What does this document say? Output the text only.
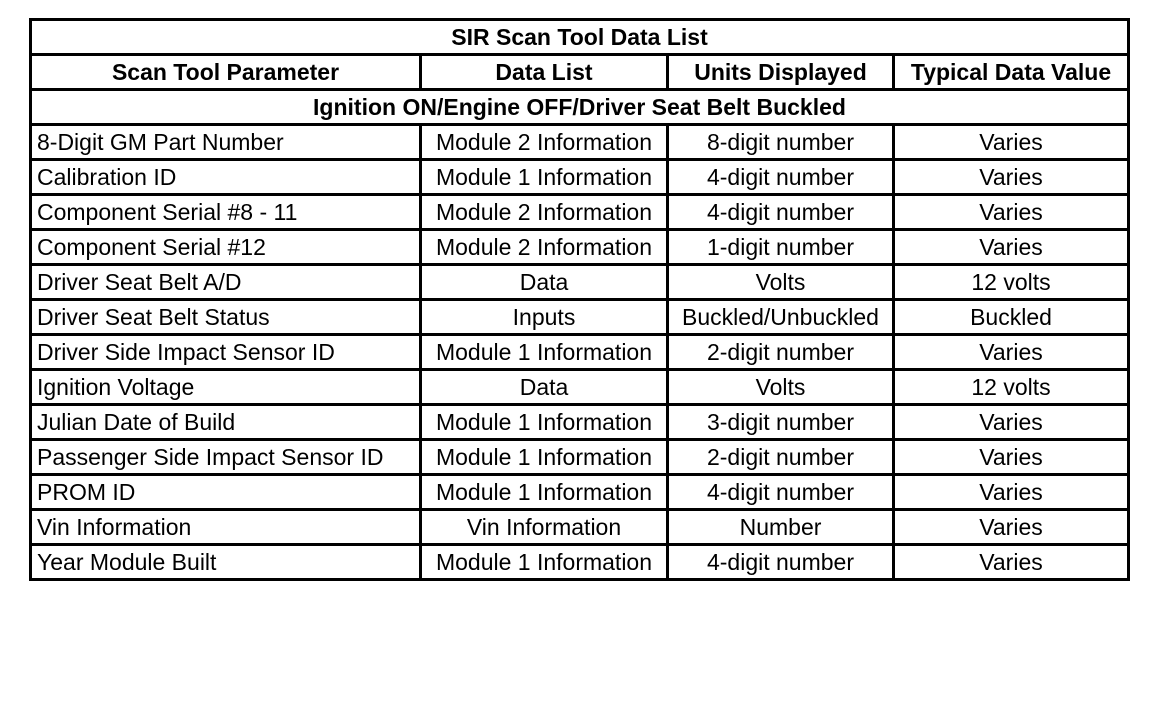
SIR Scan Tool Data List			
Scan Tool Parameter	Data List	Units Displayed	Typical Data Value
Ignition ON/Engine OFF/Driver Seat Belt Buckled			
8-Digit GM Part Number	Module 2 Information	8-digit number	Varies
Calibration ID	Module 1 Information	4-digit number	Varies
Component Serial #8 - 11	Module 2 Information	4-digit number	Varies
Component Serial #12	Module 2 Information	1-digit number	Varies
Driver Seat Belt A/D	Data	Volts	12 volts
Driver Seat Belt Status	Inputs	Buckled/Unbuckled	Buckled
Driver Side Impact Sensor ID	Module 1 Information	2-digit number	Varies
Ignition Voltage	Data	Volts	12 volts
Julian Date of Build	Module 1 Information	3-digit number	Varies
Passenger Side Impact Sensor ID	Module 1 Information	2-digit number	Varies
PROM ID	Module 1 Information	4-digit number	Varies
Vin Information	Vin Information	Number	Varies
Year Module Built	Module 1 Information	4-digit number	Varies
